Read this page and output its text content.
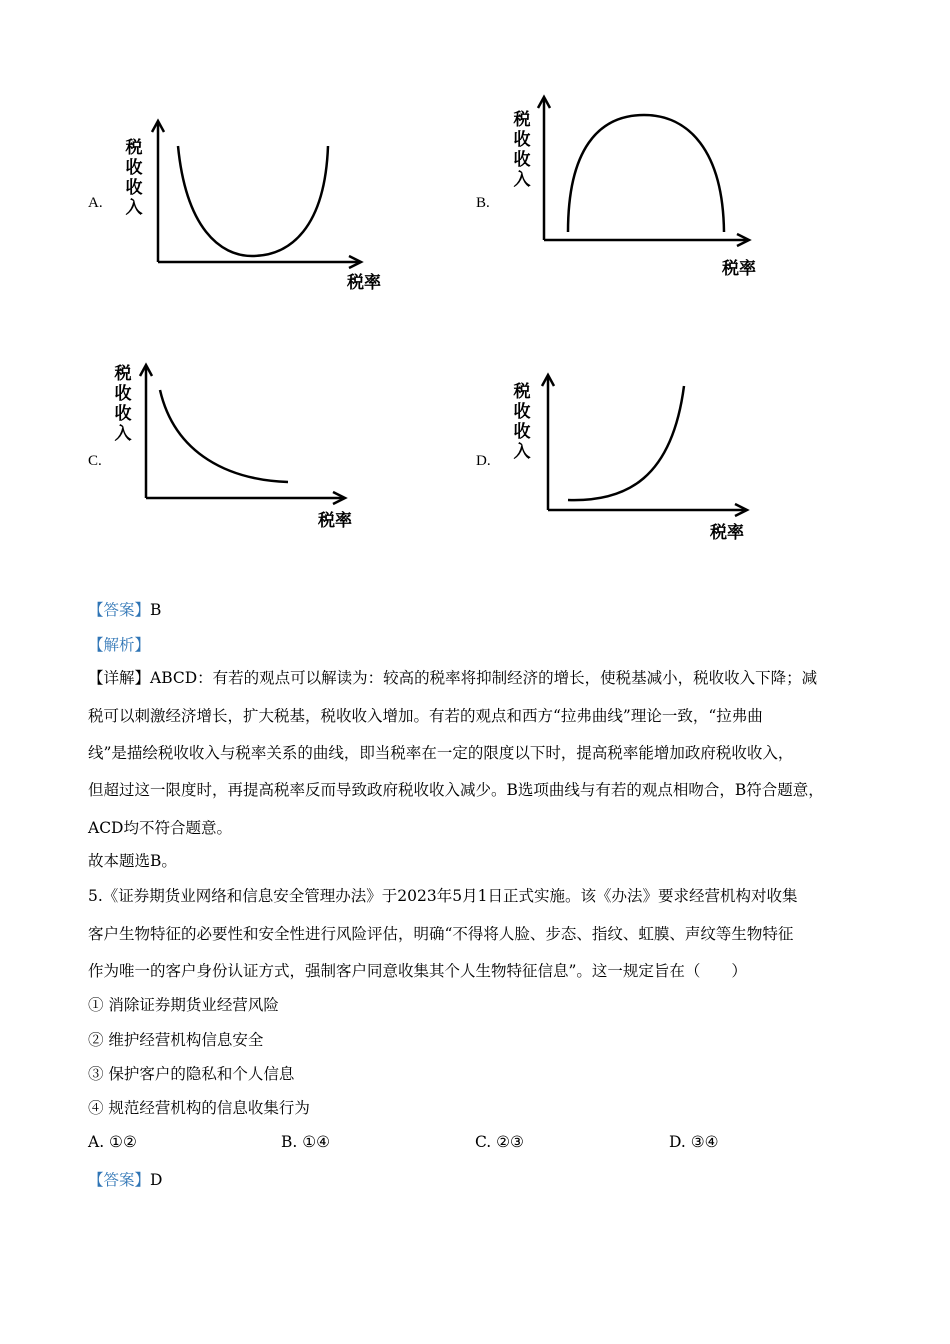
A.
税
收
收
入
税率
B.
税
收
收
入
税率
C.
税
收
收
入
税率
D.
税
收
收
入
税率
【答案】B
【解析】
【详解】ABCD：有若的观点可以解读为：较高的税率将抑制经济的增长，使税基减小，税收收入下降；减
税可以刺激经济增长，扩大税基，税收收入增加。有若的观点和西方“拉弗曲线”理论一致，“拉弗曲
线”是描绘税收收入与税率关系的曲线，即当税率在一定的限度以下时，提高税率能增加政府税收收入，
但超过这一限度时，再提高税率反而导致政府税收收入减少。B选项曲线与有若的观点相吻合，B符合题意，
ACD均不符合题意。
故本题选B。
5.《证券期货业网络和信息安全管理办法》于2023年5月1日正式实施。该《办法》要求经营机构对收集
客户生物特征的必要性和安全性进行风险评估，明确“不得将人脸、步态、指纹、虹膜、声纹等生物特征
作为唯一的客户身份认证方式，强制客户同意收集其个人生物特征信息”。这一规定旨在（　　）
① 消除证券期货业经营风险
② 维护经营机构信息安全
③ 保护客户的隐私和个人信息
④ 规范经营机构的信息收集行为
A. ①②	B. ①④	C. ②③	D. ③④
【答案】D
